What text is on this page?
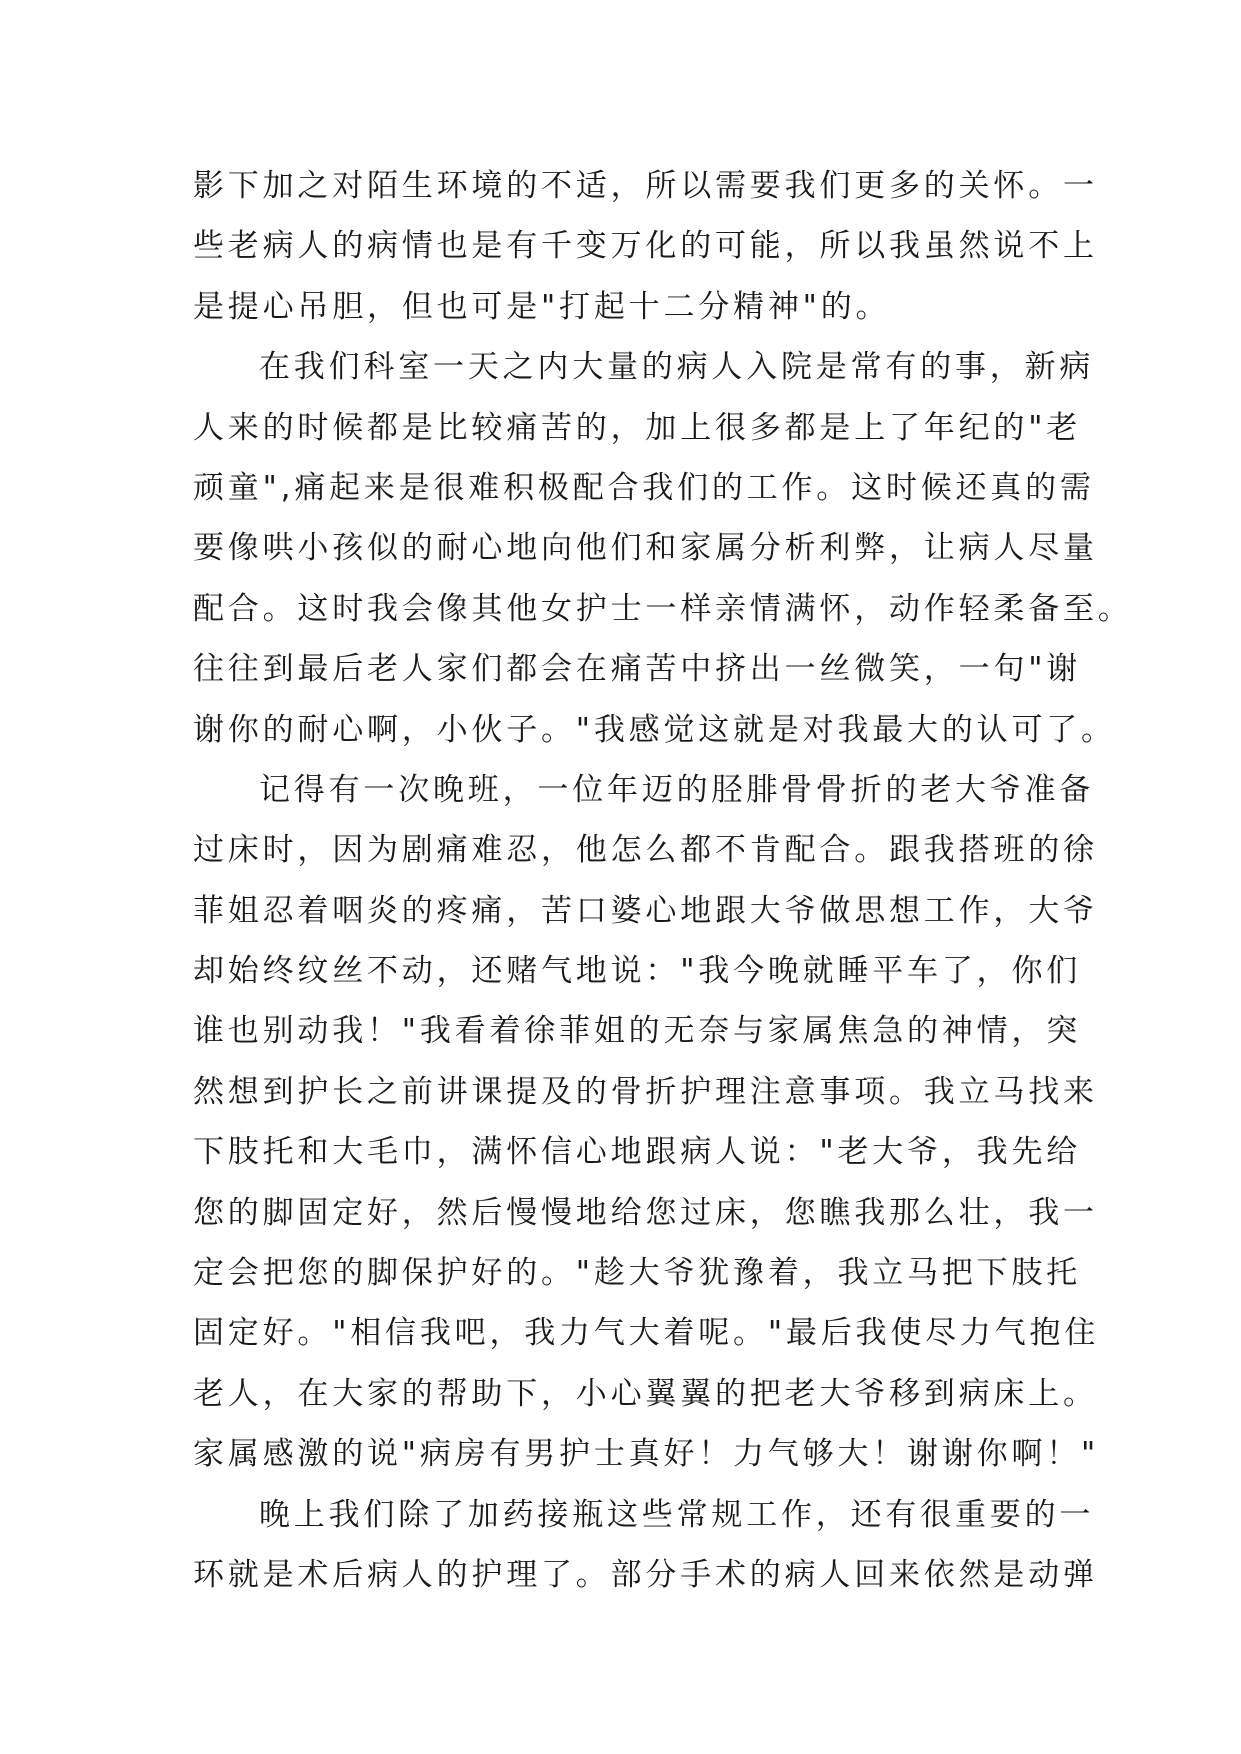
影下加之对陌生环境的不适，所以需要我们更多的关怀。一
些老病人的病情也是有千变万化的可能，所以我虽然说不上
是提心吊胆，但也可是"打起十二分精神"的。
在我们科室一天之内大量的病人入院是常有的事，新病
人来的时候都是比较痛苦的，加上很多都是上了年纪的"老
顽童",痛起来是很难积极配合我们的工作。这时候还真的需
要像哄小孩似的耐心地向他们和家属分析利弊，让病人尽量
配合。这时我会像其他女护士一样亲情满怀，动作轻柔备至。
往往到最后老人家们都会在痛苦中挤出一丝微笑，一句"谢
谢你的耐心啊，小伙子。"我感觉这就是对我最大的认可了。
记得有一次晚班，一位年迈的胫腓骨骨折的老大爷准备
过床时，因为剧痛难忍，他怎么都不肯配合。跟我搭班的徐
菲姐忍着咽炎的疼痛，苦口婆心地跟大爷做思想工作，大爷
却始终纹丝不动，还赌气地说："我今晚就睡平车了，你们
谁也别动我！"我看着徐菲姐的无奈与家属焦急的神情，突
然想到护长之前讲课提及的骨折护理注意事项。我立马找来
下肢托和大毛巾，满怀信心地跟病人说："老大爷，我先给
您的脚固定好，然后慢慢地给您过床，您瞧我那么壮，我一
定会把您的脚保护好的。"趁大爷犹豫着，我立马把下肢托
固定好。"相信我吧，我力气大着呢。"最后我使尽力气抱住
老人，在大家的帮助下，小心翼翼的把老大爷移到病床上。
家属感激的说"病房有男护士真好！力气够大！谢谢你啊！"
晚上我们除了加药接瓶这些常规工作，还有很重要的一
环就是术后病人的护理了。部分手术的病人回来依然是动弹
